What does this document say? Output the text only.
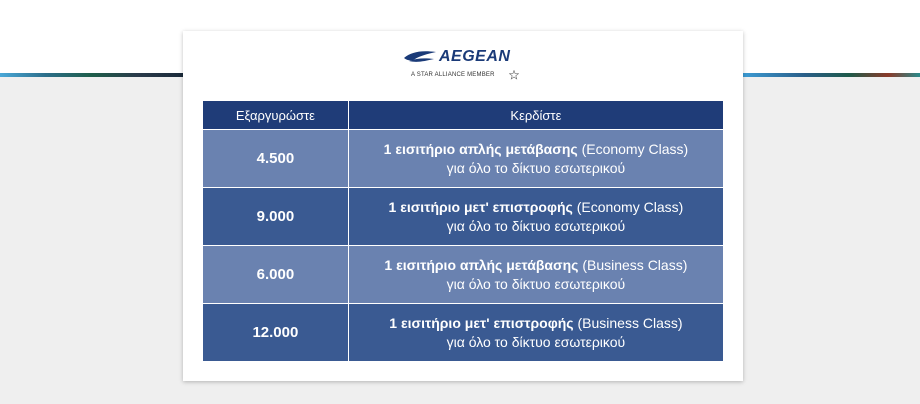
AEGEAN
A STAR ALLIANCE MEMBER
Εξαργυρώστε	Κερδίστε
4.500	1 εισιτήριο απλής μετάβασης (Economy Class)
για όλο το δίκτυο εσωτερικού

9.000	1 εισιτήριο μετ' επιστροφής (Economy Class)
για όλο το δίκτυο εσωτερικού

6.000	1 εισιτήριο απλής μετάβασης (Business Class)
για όλο το δίκτυο εσωτερικού

12.000	1 εισιτήριο μετ' επιστροφής (Business Class)
για όλο το δίκτυο εσωτερικού
